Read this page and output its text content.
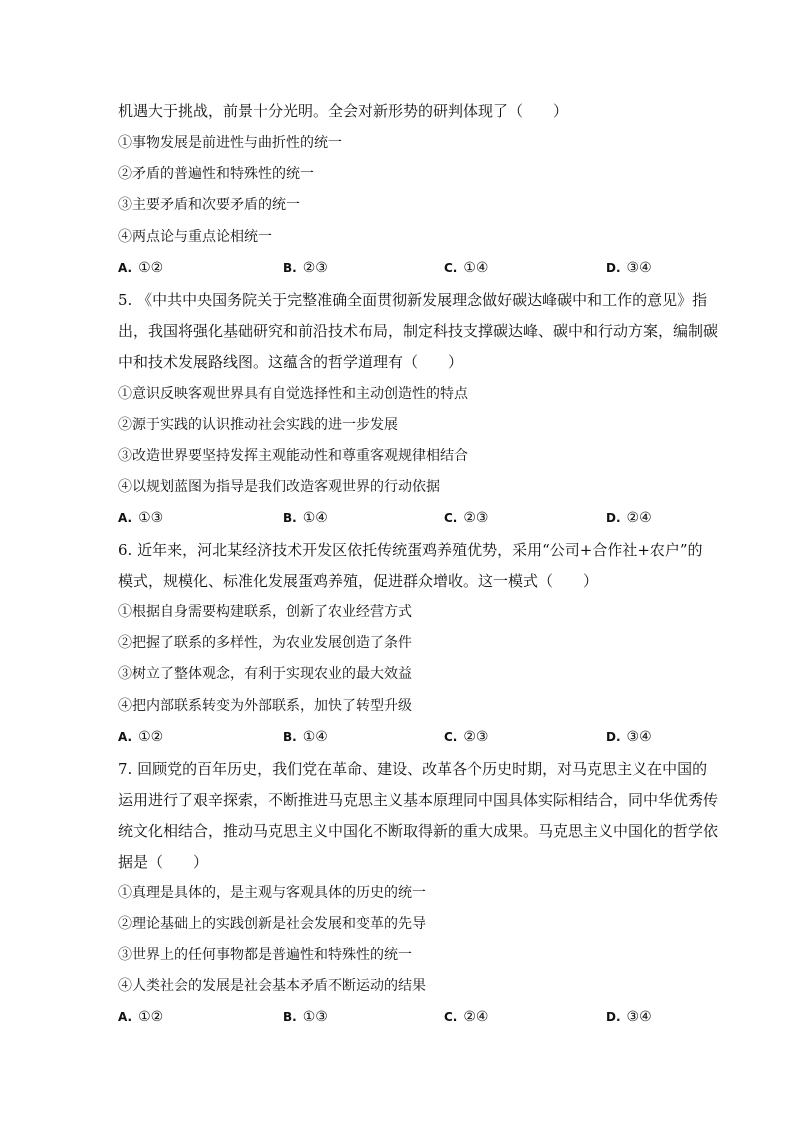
机遇大于挑战，前景十分光明。全会对新形势的研判体现了（　　）
①事物发展是前进性与曲折性的统一
②矛盾的普遍性和特殊性的统一
③主要矛盾和次要矛盾的统一
④两点论与重点论相统一
A. ①②	B. ②③	C. ①④	D. ③④
5. 《中共中央国务院关于完整准确全面贯彻新发展理念做好碳达峰碳中和工作的意见》指
出，我国将强化基础研究和前沿技术布局，制定科技支撑碳达峰、碳中和行动方案，编制碳
中和技术发展路线图。这蕴含的哲学道理有（　　）
①意识反映客观世界具有自觉选择性和主动创造性的特点
②源于实践的认识推动社会实践的进一步发展
③改造世界要坚持发挥主观能动性和尊重客观规律相结合
④以规划蓝图为指导是我们改造客观世界的行动依据
A. ①③	B. ①④	C. ②③	D. ②④
6. 近年来，河北某经济技术开发区依托传统蛋鸡养殖优势，采用“公司+合作社+农户”的
模式，规模化、标准化发展蛋鸡养殖，促进群众增收。这一模式（　　）
①根据自身需要构建联系，创新了农业经营方式
②把握了联系的多样性，为农业发展创造了条件
③树立了整体观念，有利于实现农业的最大效益
④把内部联系转变为外部联系，加快了转型升级
A. ①②	B. ①④	C. ②③	D. ③④
7. 回顾党的百年历史，我们党在革命、建设、改革各个历史时期，对马克思主义在中国的
运用进行了艰辛探索，不断推进马克思主义基本原理同中国具体实际相结合，同中华优秀传
统文化相结合，推动马克思主义中国化不断取得新的重大成果。马克思主义中国化的哲学依
据是（　　）
①真理是具体的，是主观与客观具体的历史的统一
②理论基础上的实践创新是社会发展和变革的先导
③世界上的任何事物都是普遍性和特殊性的统一
④人类社会的发展是社会基本矛盾不断运动的结果
A. ①②	B. ①③	C. ②④	D. ③④
